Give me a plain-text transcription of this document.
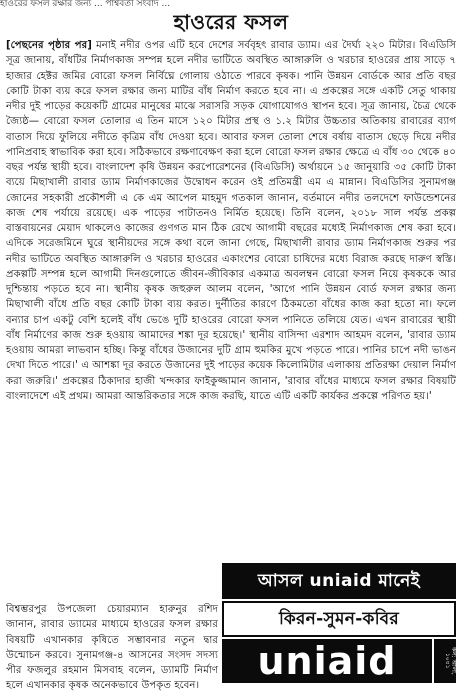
হাওরের ফসল রক্ষার জন্য ... পার্শ্ববর্তী সংবাদ ...
হাওরের ফসল

[পেছনের পৃষ্ঠার পর] মনাই নদীর ওপর এটি হবে দেশের সর্ববৃহৎ রাবার ড্যাম। এর দৈর্ঘ্য ২২০ মিটার। বিএডিসি সূত্র জানায়, বাঁধটির নির্মাণকাজ সম্পন্ন হলে নদীর ভাটিতে অবস্থিত আঙ্গারুলি ও খরচার হাওরের প্রায় সাড়ে ৭ হাজার হেক্টর জমির বোরো ফসল নির্বিঘ্নে গোলায় ওঠাতে পারবে কৃষক। পানি উন্নয়ন বোর্ডকে আর প্রতি বছর কোটি টাকা ব্যয় করে ফসল রক্ষার জন্য মাটির বাঁধ নির্মাণ করতে হবে না। এ প্রকল্পের সঙ্গে একটি সেতু থাকায় নদীর দুই পাড়ের কয়েকটি গ্রামের মানুষের মাঝে সরাসরি সড়ক যোগাযোগও স্থাপন হবে। সূত্র জানায়, চৈত্র থেকে জ্যৈষ্ঠ— বোরো ফসল তোলার এ তিন মাসে ১২০ মিটার প্রস্থ ও ১.২ মিটার উচ্চতার অতিকায় রাবারের ব্যাগ বাতাস দিয়ে ফুলিয়ে নদীতে কৃত্রিম বাঁধ দেওয়া হবে। আবার ফসল তোলা শেষে বর্ষায় বাতাস ছেড়ে দিয়ে নদীর পানিপ্রবাহ স্বাভাবিক করা হবে। সঠিকভাবে রক্ষণাবেক্ষণ করা হলে বোরো ফসল রক্ষার ক্ষেত্রে এ বাঁধ ৩০ থেকে ৪০ বছর পর্যন্ত স্থায়ী হবে। বাংলাদেশ কৃষি উন্নয়ন করপোরেশনের (বিএডিসি) অর্থায়নে ১৫ জানুয়ারি ৩৫ কোটি টাকা ব্যয়ে মিছাখালী রাবার ড্যাম নির্মাণকাজের উদ্বোধন করেন ওই প্রতিমন্ত্রী এম এ মান্নান। বিএডিসির সুনামগঞ্জ জোনের সহকারী প্রকৌশলী এ কে এম আপেল মাহমুদ গতকাল জানান, বর্তমানে নদীর তলদেশে ফাউন্ডেশনের কাজ শেষ পর্যায়ে রয়েছে। এক পাড়ের পাটাতনও নির্মিত হয়েছে। তিনি বলেন, ২০১৮ সাল পর্যন্ত প্রকল্প বাস্তবায়নের মেয়াদ থাকলেও কাজের গুণগত মান ঠিক রেখে আগামী বছরের মধ্যেই নির্মাণকাজ শেষ করা হবে। এদিকে সরেজমিনে ঘুরে স্থানীয়দের সঙ্গে কথা বলে জানা গেছে, মিছাখালী রাবার ড্যাম নির্মাণকাজ শুরুর পর নদীর ভাটিতে অবস্থিত আঙ্গারুলি ও খরচার হাওরের একাংশের বোরো চাষিদের মধ্যে বিরাজ করছে দারুণ স্বস্তি। প্রকল্পটি সম্পন্ন হলে আগামী দিনগুলোতে জীবন-জীবিকার একমাত্র অবলম্বন বোরো ফসল নিয়ে কৃষককে আর দুশ্চিন্তায় পড়তে হবে না। স্থানীয় কৃষক জহুরুল আলম বলেন, 'আগে পানি উন্নয়ন বোর্ড ফসল রক্ষার জন্য মিছাখালী বাঁধে প্রতি বছর কোটি টাকা ব্যয় করত। দুর্নীতির কারণে ঠিকমতো বাঁধের কাজ করা হতো না। ফলে বন্যার চাপ একটু বেশি হলেই বাঁধ ভেঙে দুটি হাওরের বোরো ফসল পানিতে তলিয়ে যেত। এখন রাবারের স্থায়ী বাঁধ নির্মাণের কাজ শুরু হওয়ায় আমাদের শঙ্কা দূর হয়েছে।' স্থানীয় বাসিন্দা এরশাদ আহমদ বলেন, 'রাবার ড্যাম হওয়ায় আমরা লাভবান হচ্ছি। কিন্তু বাঁধের উজানের দুটি গ্রাম হুমকির মুখে পড়তে পারে। পানির চাপে নদী ভাঙন দেখা দিতে পারে।' এ আশঙ্কা দূর করতে উজানের দুই পাড়ের কয়েক কিলোমিটার এলাকায় প্রতিরক্ষা দেয়াল নির্মাণ করা জরুরি।' প্রকল্পের ঠিকাদার হাজী খন্দকার ফাইকুজ্জামান জানান, 'রাবার বাঁধের মাধ্যমে ফসল রক্ষার বিষয়টি বাংলাদেশে এই প্রথম। আমরা আন্তরিকতার সঙ্গে কাজ করছি, যাতে এটি একটি কার্যকর প্রকল্পে পরিণত হয়।'

বিশ্বম্ভরপুর উপজেলা চেয়ারম্যান হারুনুর রশিদ জানান, রাবার ড্যামের মাধ্যমে হাওরের ফসল রক্ষার বিষয়টি এখানকার কৃষিতে সম্ভাবনার নতুন দ্বার উন্মোচন করবে। সুনামগঞ্জ-৪ আসনের সংসদ সদস্য পীর ফজলুর রহমান মিসবাহ বলেন, ড্যামটি নির্মাণ হলে এখানকার কৃষক অনেকভাবে উপকৃত হবেন।

আসল uniaid মানেই
কিরন-সুমন-কবির
uniaid	কল: আলী, ১০৪১
